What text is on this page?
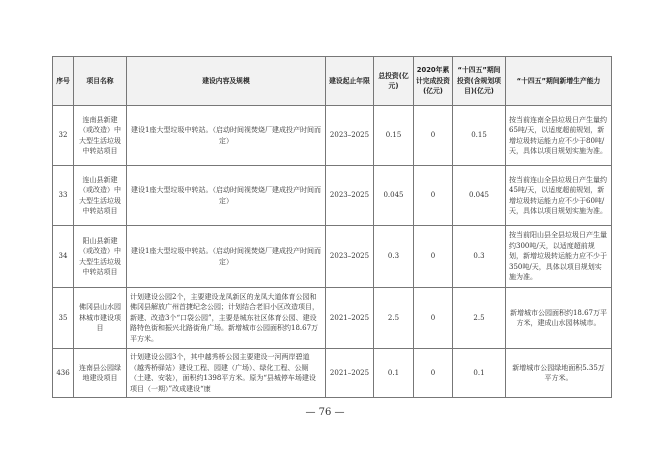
序号	项目名称	建设内容及规模	建设起止年限	总投资(亿元)	2020年累计完成投资(亿元)	“十四五”期间投资(含规划项目)(亿元)	“十四五”期间新增生产能力
32	连南县新建（或改造）中大型生活垃圾中转站项目	建设1座大型垃圾中转站。（启动时间视焚烧厂建成投产时间而定）	2023–2025	0.15	0	0.15	按当前连南全县垃圾日产生量约65吨/天，以适度超前规划，新增垃圾转运能力应不少于80吨/天，具体以项目规划实施为准。
33	连山县新建（或改造）中大型生活垃圾中转站项目	建设1座大型垃圾中转站。（启动时间视焚烧厂建成投产时间而定）	2023–2025	0.045	0	0.045	按当前连山全县垃圾日产生量约45吨/天，以适度超前规划，新增垃圾转运能力应不少于60吨/天，具体以项目规划实施为准。
34	阳山县新建（或改造）中大型生活垃圾中转站项目	建设1座大型垃圾中转站。（启动时间视焚烧厂建成投产时间而定）	2023–2025	0.3	0	0.3	按当前阳山县全县垃圾日产生量约300吨/天，以适度超前规划，新增垃圾转运能力应不少于350吨/天，具体以项目规划实施为准。
35	佛冈县山水园林城市建设项目	计划建设公园2个，主要建设龙凤新区的龙凤大道体育公园和佛冈县解放广州首捷纪念公园；计划结合老旧小区改造项目，新建、改造3个“口袋公园”，主要是城东社区体育公园、建设路特色街和振兴北路街角广场。新增城市公园面积约18.67万平方米。	2021–2025	2.5	0	2.5	新增城市公园面积约18.67万平方米，建成山水园林城市。
436	连南县公园绿地建设项目	计划建设公园3个，其中越秀桥公园主要建设一河两岸碧道（越秀桥驿站）建设工程、园建（广场）、绿化工程、公厕（土建、安装），面积约1398平方米。原为“县城停车场建设项目（一期）”改成建设“康	2021–2025	0.1	0	0.1	新增城市公园绿地面积5.35万平方米。
— 76 —
